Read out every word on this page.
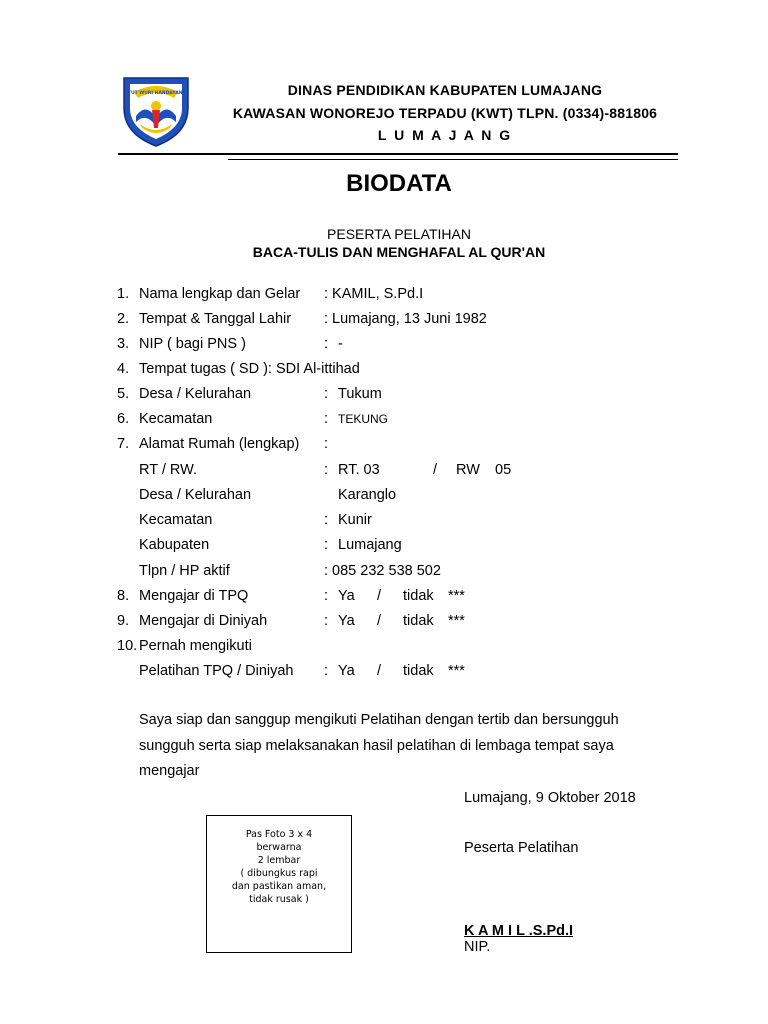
TUT WURI HANDAYANI	DINAS PENDIDIKAN KABUPATEN LUMAJANG
KAWASAN WONOREJO TERPADU (KWT) TLPN. (0334)-881806
L U M A J A N G
BIODATA
PESERTA PELATIHAN
BACA-TULIS DAN MENGHAFAL AL QUR'AN
1. Nama lengkap dan Gelar : KAMIL, S.Pd.I
2. Tempat & Tanggal Lahir : Lumajang, 13 Juni 1982
3. NIP ( bagi PNS )	: -
4. Tempat tugas ( SD ): SDI Al-ittihad
5. Desa / Kelurahan	: Tukum
6. Kecamatan	: TEKUNG
7. Alamat Rumah (lengkap) :
RT / RW.	: RT. 03	/ RW 05
Desa / Kelurahan	Karanglo
Kecamatan	: Kunir
Kabupaten	: Lumajang
Tlpn / HP aktif	: 085 232 538 502
8. Mengajar di TPQ	: Ya / tidak ***
9. Mengajar di Diniyah	: Ya / tidak ***
10. Pernah mengikuti
Pelatihan TPQ / Diniyah : Ya / tidak ***
Saya siap dan sanggup mengikuti Pelatihan dengan tertib dan bersungguh
sungguh serta siap melaksanakan hasil pelatihan di lembaga tempat saya
mengajar
Lumajang, 9 Oktober 2018
Peserta Pelatihan
K A M I L .S.Pd.I
NIP.
Pas Foto 3 x 4
berwarna
2 lembar
( dibungkus rapi
dan pastikan aman,
tidak rusak )
